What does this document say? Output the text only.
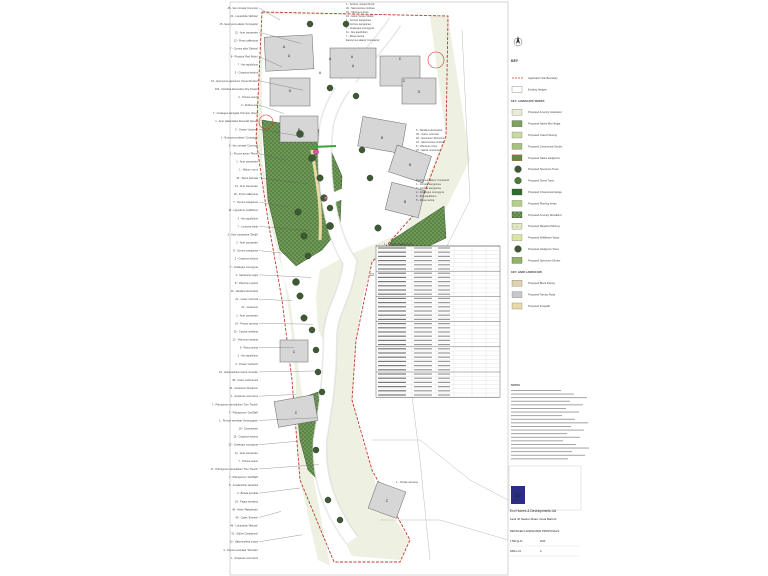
A
A
G	G
B
B
B
B
C
C
C
C
C
A
A
A
A
C2
45 - Ilex crenata 'Convexa'
21 - Lavandula 'Hidcote'
15 - Euonymus alatus 'Compacta'
12 - Acer campestre
12 - Pyrus calleryana
7 - Cornus alba 'Sibirica'
8 - Photinia 'Red Robin'
7 - Ilex aquifolium
3 - Carpinus betulus
16 - Euonymus japonicus 'Green Rocket'
103 - Nandina domestica 'Fire Power'
2 - Prunus avium
2 - Sorbus aria
7 - Cratægus laevigata 'Crimson Cloud'
1 - Acer platanoides 'Emerald Queen'
2 - Ornate 'Jachonii'
1 - Euonymus alatus 'Compacta'
5 - Ilex crenata 'Convexa'
1 - Prunus avium 'Plena'
1 - Acer campestre
1 - Malus x zumi
46 - Taxus baccata
14 - Acer campestre
18 - Pyrus calleryana
7 - Cornus sanguinea
14 - Ligustrum ovalifolium
3 - Ilex aquifolium
7 - Lonicera nitida
2 - Acer campestre 'Elsrijk'
3 - Acer campestre
8 - Cornus sanguinea
2 - Carpinus betulus
7 - Cratægus monogyna
4 - Sambucus nigra
8 - Viburnum opulus
10 - Nandina domestica
21 - Carex morrowii
31 - Geranium
1 - Acer campestre
14 - Prunus spinosa
15 - Corylus avellana
12 - Viburnum lantana
6 - Rosa canina
2 - Ilex aquifolium
3 - Ornate 'Jachonii'
16 - Hakonechloa macra 'Aureola'
38 - Carex oshimensis
24 - Geranium 'Rozanne'
1 - Juniperus communis
7 - Pittosporum tenuifolium 'Tom Thumb'
7 - Pittosporum 'Golf Ball'
1 - Prunus serrulata 'Amanogawa'
19 - Cotoneaster
15 - Carpinus betulus
12 - Cratægus monogyna
11 - Acer campestre
7 - Prunus avium
17 - Pittosporum tenuifolium 'Tom Thumb'
7 - Pittosporum 'Golf Ball'
5 - Amelanchier lamarckii
3 - Betula pendula
16 - Fagus sylvatica
45 - Hebe 'Rakaiensis'
45 - Carex 'Everest'
46 - Lavandula 'Hidcote'
31 - Salvia 'Caradonna'
12 - Hakonechloa macra
3 - Prunus serrulata 'Tai Haku'
1 - Juniperus communis
1 - Sorbus 'Joseph Rock'
40 - Sarcococca confusa
26 - Viburnum tinus
16 - Hebe 'Green Globe'
1 - Cornus sanguinea
6 - Cornus sanguinea
7 - Cratægus monogyna
11 - Ilex aquifolium
7 - Rosa canina
Euonymus alatus 'Compacta'
5 - Nandina domestica
30 - Carex morrowii
40 - Geranium 'Rozanne'
12 - Sarcococca confusa
8 - Viburnum tinus
27 - Salvia nemorosa
Euonymus alatus 'Compacta'
1 - Cornus sanguinea
7 - Cornus sanguinea
2 - Cratægus monogyna
6 - Ilex aquifolium
5 - Rosa canina
1 - Sorbus 'Joseph Rock'
1 - Ornate amoena
KEY
Application Site Boundary
Existing Hedges
KEY: LANDSCAPE WORKS
Proposed Amenity Grassland
Proposed Native Mix Hedge
Proposed Grass Planting
Proposed Ornamental Shrubs
Proposed Native Hedgerow
Proposed Specimen Trees
Proposed Street Trees
Proposed Ornamental Hedge
Proposed Planting Areas
Proposed Amenity Woodland
Proposed Meadow Planting
Proposed Wildflower Verge
Proposed Hedgerow Trees
Proposed Specimen Shrubs
KEY: HARD LANDSCAPE
Proposed Block Paving
Proposed Tarmac Road
Proposed Footpath
NOTES
fpcr
Eco Homes & Developments Ltd
Land off Newton Road, Great Barford
DETAILED LANDSCAPE PROPOSALS
1:500 @ A1	2019
9390-L-01	A
